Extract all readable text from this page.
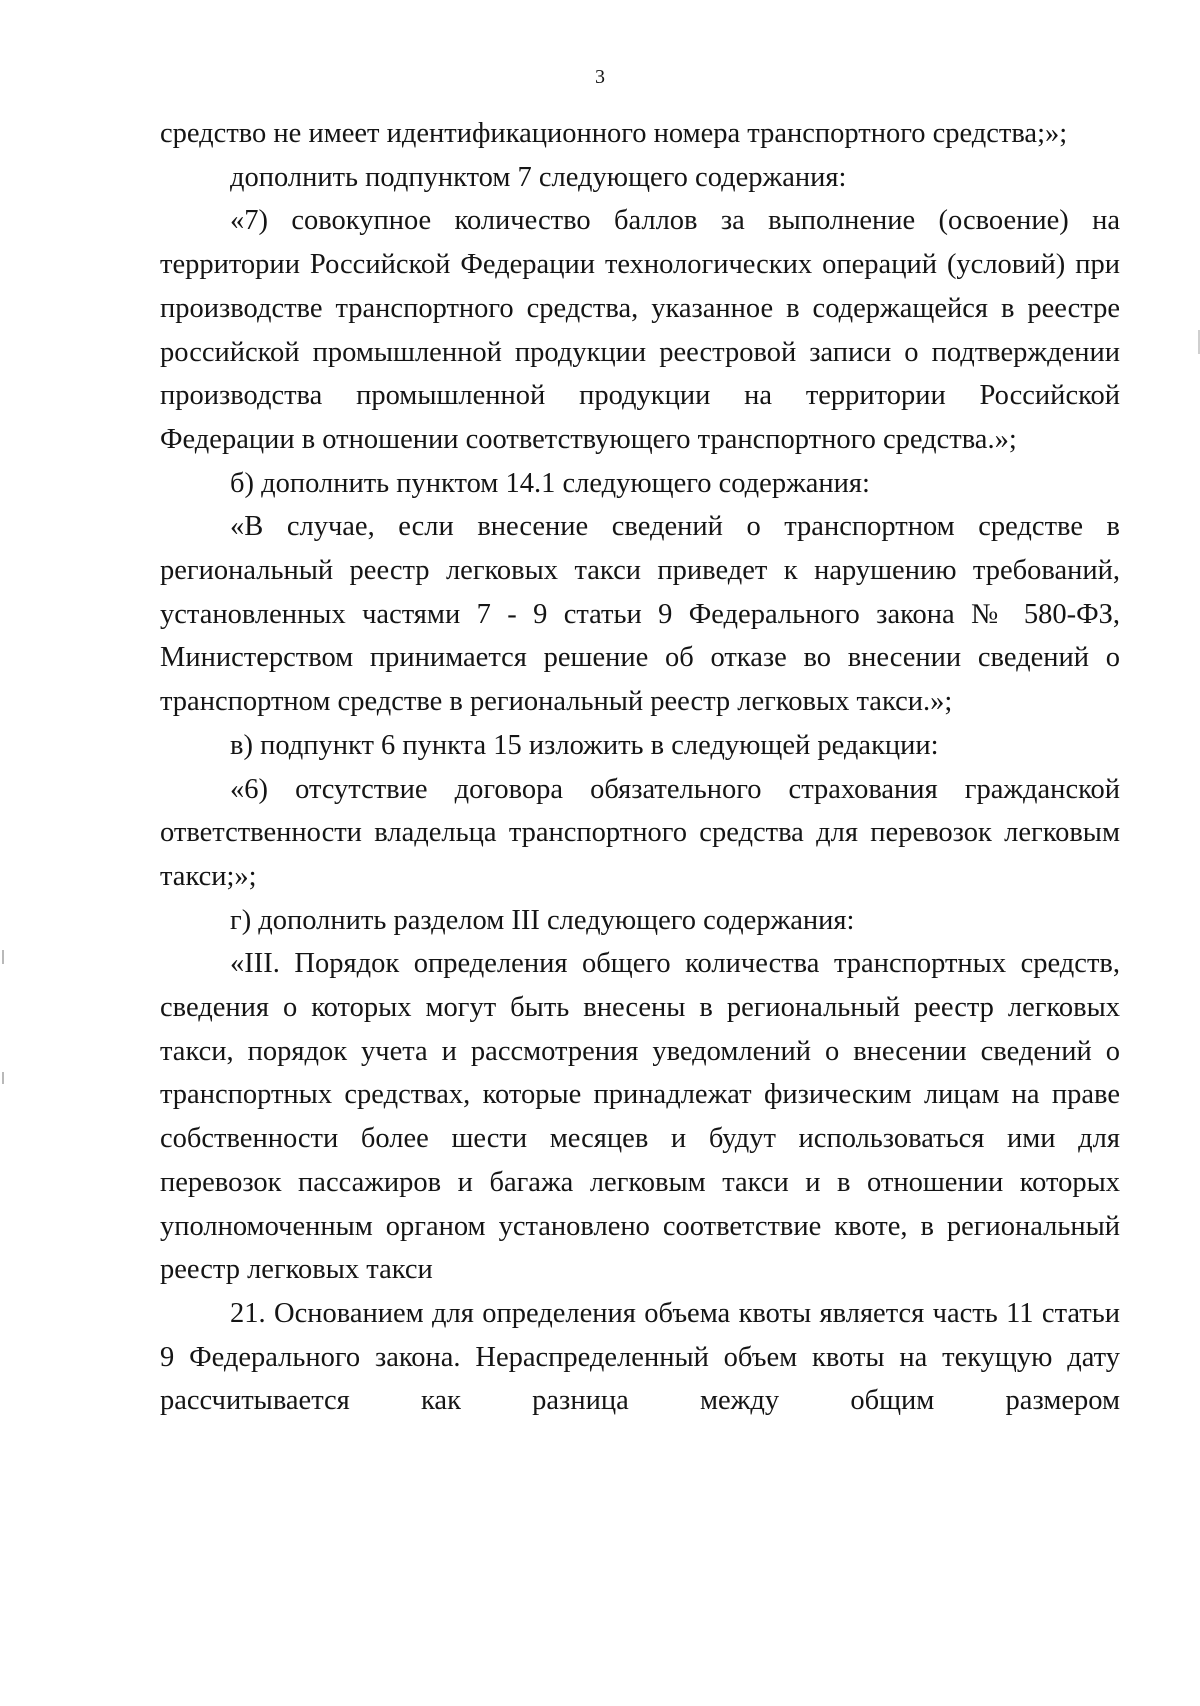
3

средство не имеет идентификационного номера транспортного средства;»;

дополнить подпунктом 7 следующего содержания:

«7) совокупное количество баллов за выполнение (освоение) на территории Российской Федерации технологических операций (условий) при производстве транспортного средства, указанное в содержащейся в реестре российской промышленной продукции реестровой записи о подтверждении производства промышленной продукции на территории Российской Федерации в отношении соответствующего транспортного средства.»;

б) дополнить пунктом 14.1 следующего содержания:

«В случае, если внесение сведений о транспортном средстве в региональный реестр легковых такси приведет к нарушению требований, установленных частями 7 - 9 статьи 9 Федерального закона № 580-ФЗ, Министерством принимается решение об отказе во внесении сведений о транспортном средстве в региональный реестр легковых такси.»;

в) подпункт 6 пункта 15 изложить в следующей редакции:

«6) отсутствие договора обязательного страхования гражданской ответственности владельца транспортного средства для перевозок легковым такси;»;

г) дополнить разделом III следующего содержания:

«III. Порядок определения общего количества транспортных средств, сведения о которых могут быть внесены в региональный реестр легковых такси, порядок учета и рассмотрения уведомлений о внесении сведений о транспортных средствах, которые принадлежат физическим лицам на праве собственности более шести месяцев и будут использоваться ими для перевозок пассажиров и багажа легковым такси и в отношении которых уполномоченным органом установлено соответствие квоте, в региональный реестр легковых такси

21. Основанием для определения объема квоты является часть 11 статьи 9 Федерального закона. Нераспределенный объем квоты на текущую дату рассчитывается как разница между общим размером
